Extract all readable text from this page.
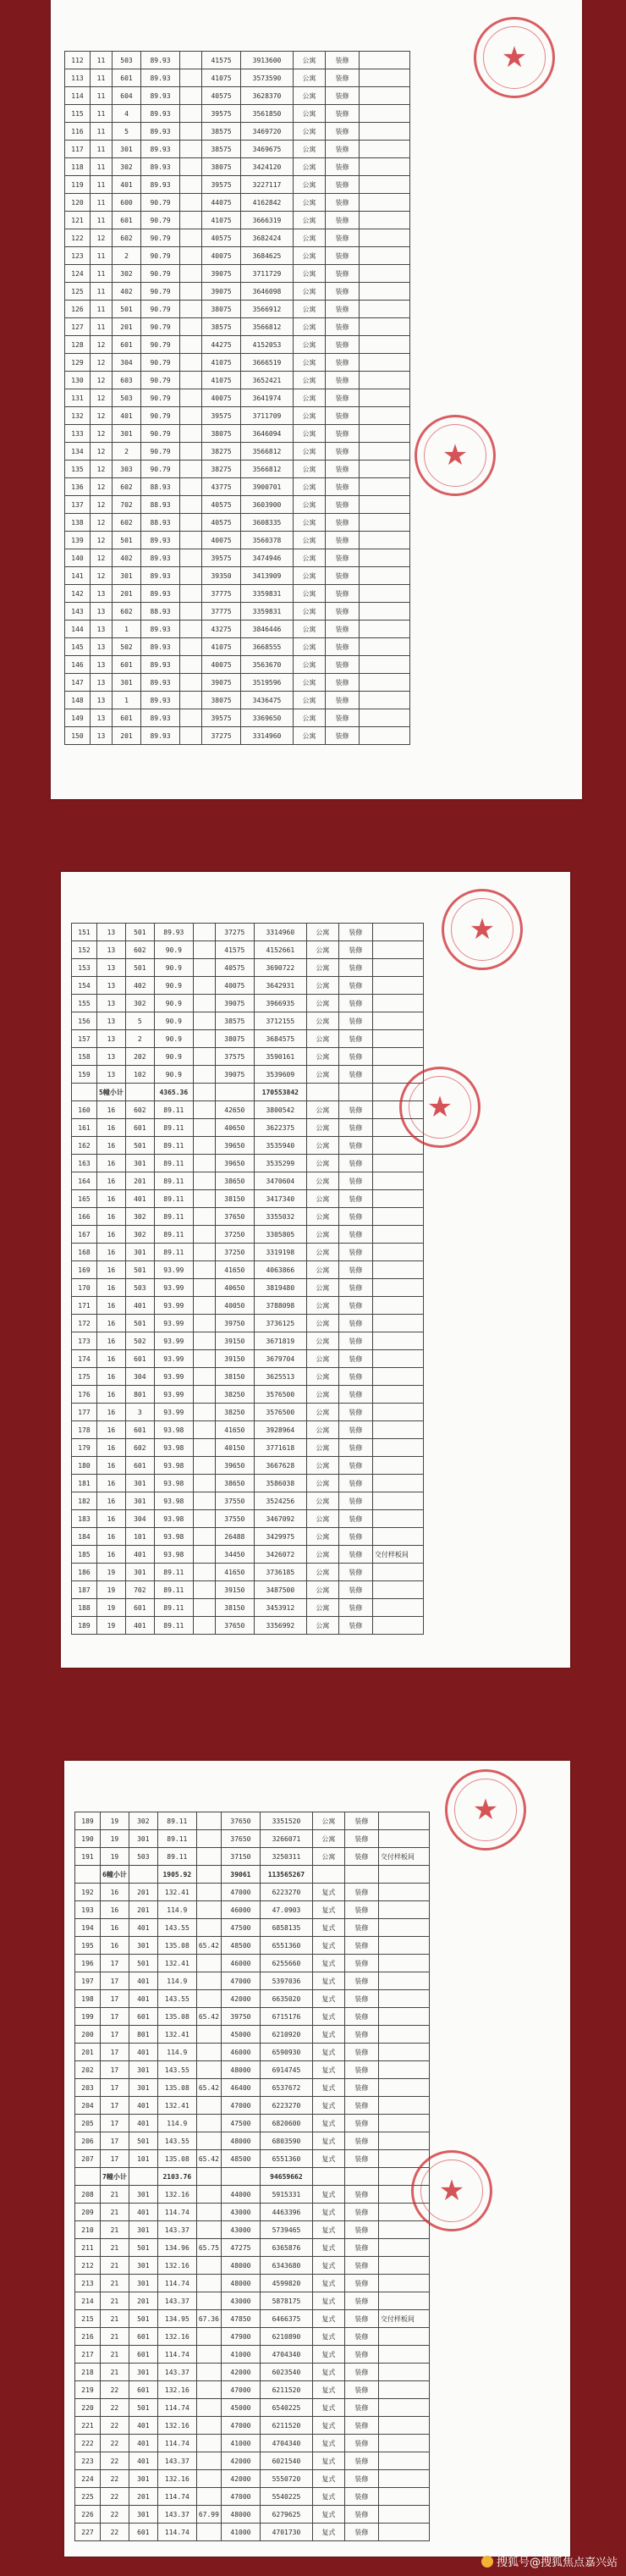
112	11	503	89.93		41575	3913600	公寓	装修	
113	11	601	89.93		41075	3573590	公寓	装修	
114	11	604	89.93		40575	3628370	公寓	装修	
115	11	4	89.93		39575	3561850	公寓	装修	
116	11	5	89.93		38575	3469720	公寓	装修	
117	11	301	89.93		38575	3469675	公寓	装修	
118	11	302	89.93		38075	3424120	公寓	装修	
119	11	401	89.93		39575	3227117	公寓	装修	
120	11	600	90.79		44075	4162842	公寓	装修	
121	11	601	90.79		41075	3666319	公寓	装修	
122	12	602	90.79		40575	3682424	公寓	装修	
123	11	2	90.79		40075	3684625	公寓	装修	
124	11	302	90.79		39075	3711729	公寓	装修	
125	11	402	90.79		39075	3646098	公寓	装修	
126	11	501	90.79		38075	3566912	公寓	装修	
127	11	201	90.79		38575	3566812	公寓	装修	
128	12	601	90.79		44275	4152053	公寓	装修	
129	12	304	90.79		41075	3666519	公寓	装修	
130	12	603	90.79		41075	3652421	公寓	装修	
131	12	503	90.79		40075	3641974	公寓	装修	
132	12	401	90.79		39575	3711709	公寓	装修	
133	12	301	90.79		38075	3646094	公寓	装修	
134	12	2	90.79		38275	3566812	公寓	装修	
135	12	303	90.79		38275	3566812	公寓	装修	
136	12	602	88.93		43775	3900701	公寓	装修	
137	12	702	88.93		40575	3603900	公寓	装修	
138	12	602	88.93		40575	3608335	公寓	装修	
139	12	501	89.93		40075	3560378	公寓	装修	
140	12	402	89.93		39575	3474946	公寓	装修	
141	12	301	89.93		39350	3413909	公寓	装修	
142	13	201	89.93		37775	3359831	公寓	装修	
143	13	602	88.93		37775	3359831	公寓	装修	
144	13	1	89.93		43275	3846446	公寓	装修	
145	13	502	89.93		41075	3668555	公寓	装修	
146	13	601	89.93		40075	3563670	公寓	装修	
147	13	301	89.93		39075	3519596	公寓	装修	
148	13	1	89.93		38075	3436475	公寓	装修	
149	13	601	89.93		39575	3369650	公寓	装修	
150	13	201	89.93		37275	3314960	公寓	装修	
★
★
151	13	501	89.93		37275	3314960	公寓	装修	
152	13	602	90.9		41575	4152661	公寓	装修	
153	13	501	90.9		40575	3690722	公寓	装修	
154	13	402	90.9		40075	3642931	公寓	装修	
155	13	302	90.9		39075	3966935	公寓	装修	
156	13	5	90.9		38575	3712155	公寓	装修	
157	13	2	90.9		38075	3684575	公寓	装修	
158	13	202	90.9		37575	3590161	公寓	装修	
159	13	102	90.9		39075	3539609	公寓	装修	
	5幢小计		4365.36			170553842			
160	16	602	89.11		42650	3800542	公寓	装修	
161	16	601	89.11		40650	3622375	公寓	装修	
162	16	501	89.11		39650	3535940	公寓	装修	
163	16	301	89.11		39650	3535299	公寓	装修	
164	16	201	89.11		38650	3470604	公寓	装修	
165	16	401	89.11		38150	3417340	公寓	装修	
166	16	302	89.11		37650	3355032	公寓	装修	
167	16	302	89.11		37250	3305805	公寓	装修	
168	16	301	89.11		37250	3319198	公寓	装修	
169	16	501	93.99		41650	4063866	公寓	装修	
170	16	503	93.99		40650	3819480	公寓	装修	
171	16	401	93.99		40050	3788098	公寓	装修	
172	16	501	93.99		39750	3736125	公寓	装修	
173	16	502	93.99		39150	3671819	公寓	装修	
174	16	601	93.99		39150	3679704	公寓	装修	
175	16	304	93.99		38150	3625513	公寓	装修	
176	16	801	93.99		38250	3576500	公寓	装修	
177	16	3	93.99		38250	3576500	公寓	装修	
178	16	601	93.98		41650	3928964	公寓	装修	
179	16	602	93.98		40150	3771618	公寓	装修	
180	16	601	93.98		39650	3667628	公寓	装修	
181	16	301	93.98		38650	3586038	公寓	装修	
182	16	301	93.98		37550	3524256	公寓	装修	
183	16	304	93.98		37550	3467092	公寓	装修	
184	16	101	93.98		26488	3429975	公寓	装修	
185	16	401	93.98		34450	3426072	公寓	装修	交付样板间
186	19	301	89.11		41650	3736185	公寓	装修	
187	19	702	89.11		39150	3487500	公寓	装修	
188	19	601	89.11		38150	3453912	公寓	装修	
189	19	401	89.11		37650	3356992	公寓	装修	
★
★
189	19	302	89.11		37650	3351520	公寓	装修	
190	19	301	89.11		37650	3266071	公寓	装修	
191	19	503	89.11		37150	3250311	公寓	装修	交付样板间
	6幢小计		1905.92		39061	113565267			
192	16	201	132.41		47000	6223270	复式	装修	
193	16	201	114.9		46000	47.0903	复式	装修	
194	16	401	143.55		47500	6858135	复式	装修	
195	16	301	135.08	65.42	48500	6551360	复式	装修	
196	17	501	132.41		46000	6255660	复式	装修	
197	17	401	114.9		47000	5397036	复式	装修	
198	17	401	143.55		42000	6635020	复式	装修	
199	17	601	135.08	65.42	39750	6715176	复式	装修	
200	17	801	132.41		45000	6210920	复式	装修	
201	17	401	114.9		46000	6590930	复式	装修	
202	17	301	143.55		48000	6914745	复式	装修	
203	17	301	135.08	65.42	46400	6537672	复式	装修	
204	17	401	132.41		47000	6223270	复式	装修	
205	17	401	114.9		47500	6820600	复式	装修	
206	17	501	143.55		48000	6803590	复式	装修	
207	17	101	135.08	65.42	48500	6551360	复式	装修	
	7幢小计		2103.76			94659662			
208	21	301	132.16		44000	5915331	复式	装修	
209	21	401	114.74		43000	4463396	复式	装修	
210	21	301	143.37		43000	5739465	复式	装修	
211	21	501	134.96	65.75	47275	6365876	复式	装修	
212	21	301	132.16		48000	6343680	复式	装修	
213	21	301	114.74		48000	4599820	复式	装修	
214	21	201	143.37		43000	5878175	复式	装修	
215	21	501	134.95	67.36	47850	6466375	复式	装修	交付样板间
216	21	601	132.16		47900	6210890	复式	装修	
217	21	601	114.74		41000	4704340	复式	装修	
218	21	301	143.37		42000	6023540	复式	装修	
219	22	601	132.16		47000	6211520	复式	装修	
220	22	501	114.74		45000	6540225	复式	装修	
221	22	401	132.16		47000	6211520	复式	装修	
222	22	401	114.74		41000	4704340	复式	装修	
223	22	401	143.37		42000	6021540	复式	装修	
224	22	301	132.16		42000	5550720	复式	装修	
225	22	201	114.74		47000	5540225	复式	装修	
226	22	301	143.37	67.99	48000	6279625	复式	装修	
227	22	601	114.74		41000	4701730	复式	装修	
★
★
搜狐号@搜狐焦点嘉兴站
